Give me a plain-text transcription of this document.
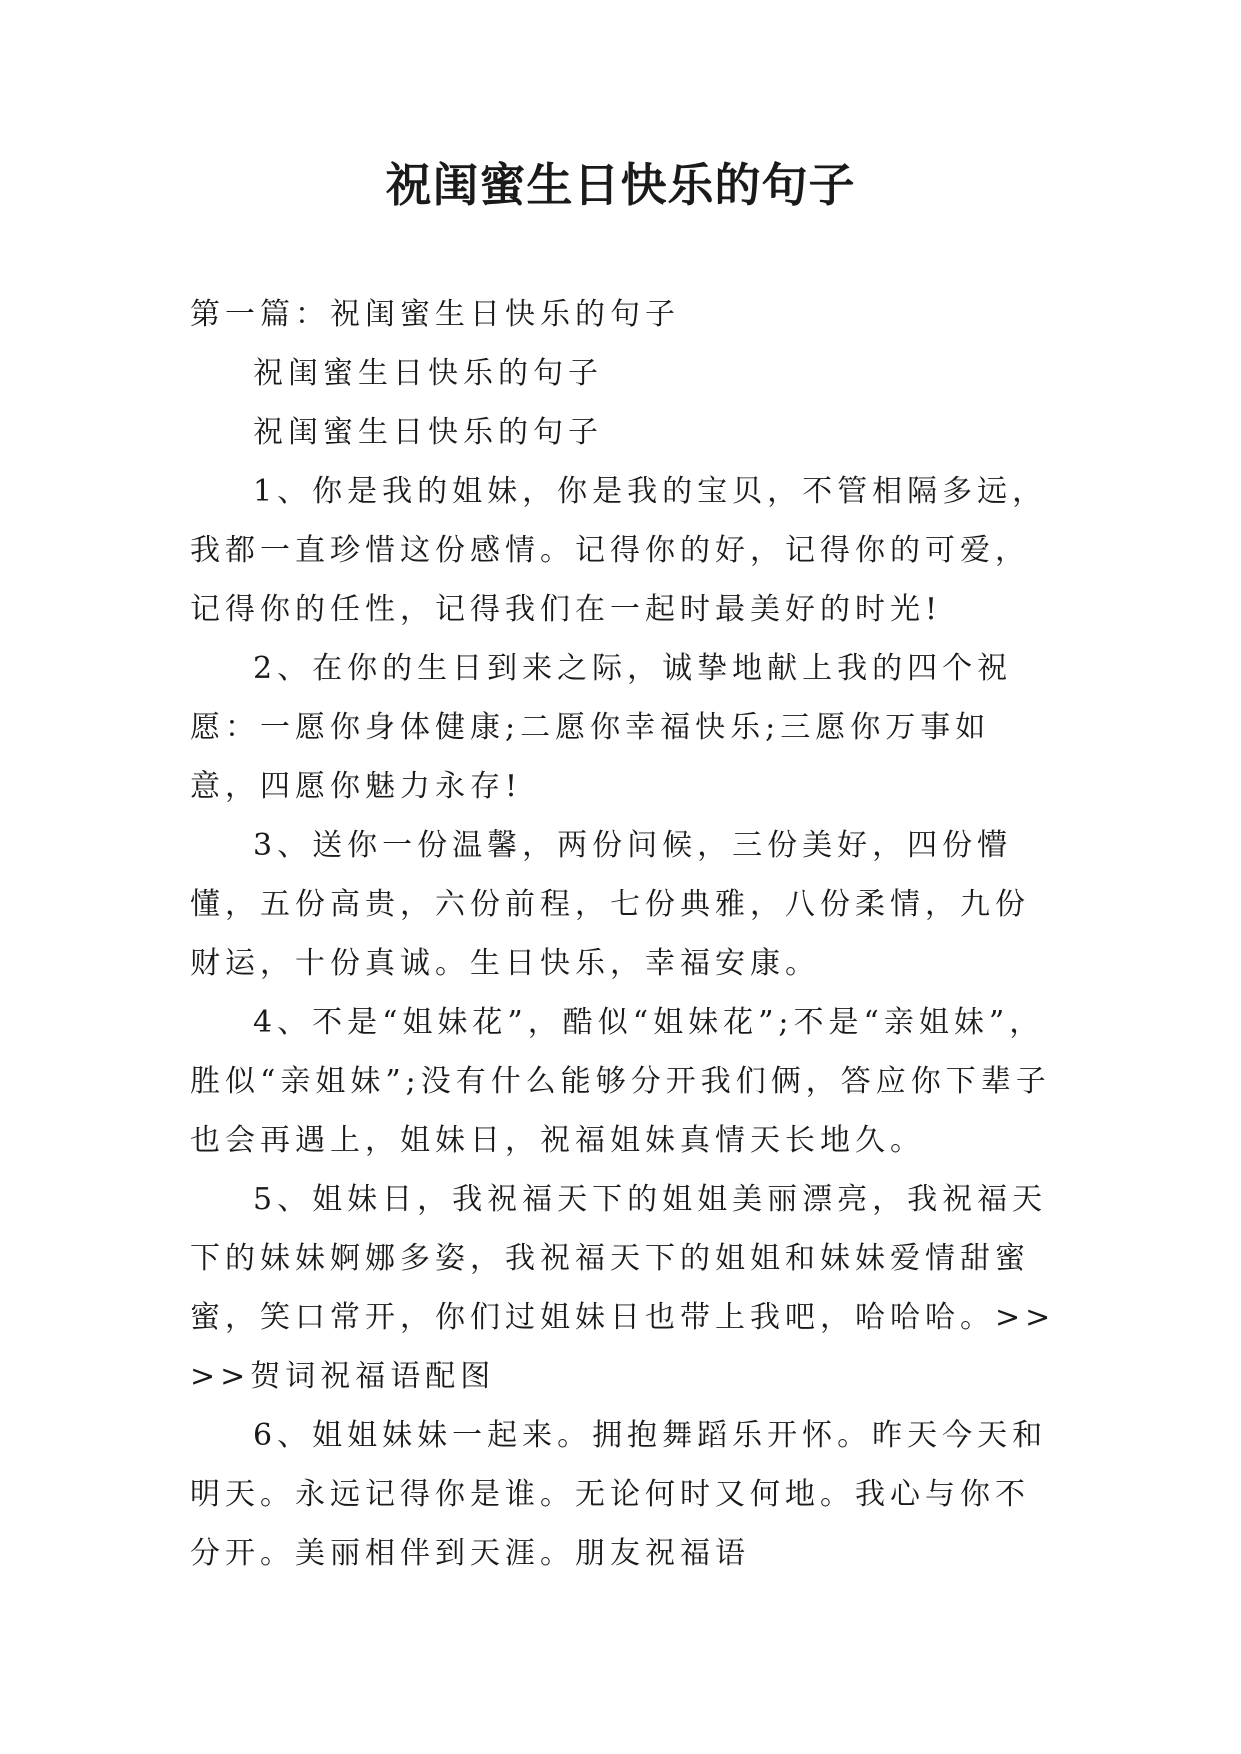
祝闺蜜生日快乐的句子

第一篇：祝闺蜜生日快乐的句子

祝闺蜜生日快乐的句子

祝闺蜜生日快乐的句子

1、你是我的姐妹，你是我的宝贝，不管相隔多远，我都一直珍惜这份感情。记得你的好，记得你的可爱，记得你的任性，记得我们在一起时最美好的时光!

2、在你的生日到来之际，诚挚地献上我的四个祝愿：一愿你身体健康;二愿你幸福快乐;三愿你万事如意，四愿你魅力永存!

3、送你一份温馨，两份问候，三份美好，四份懵懂，五份高贵，六份前程，七份典雅，八份柔情，九份财运，十份真诚。生日快乐，幸福安康。

4、不是“姐妹花”，酷似“姐妹花”;不是“亲姐妹”，胜似“亲姐妹”;没有什么能够分开我们俩，答应你下辈子也会再遇上，姐妹日，祝福姐妹真情天长地久。

5、姐妹日，我祝福天下的姐姐美丽漂亮，我祝福天下的妹妹婀娜多姿，我祝福天下的姐姐和妹妹爱情甜蜜蜜，笑口常开，你们过姐妹日也带上我吧，哈哈哈。>> >>贺词祝福语配图

6、姐姐妹妹一起来。拥抱舞蹈乐开怀。昨天今天和明天。永远记得你是谁。无论何时又何地。我心与你不分开。美丽相伴到天涯。朋友祝福语
